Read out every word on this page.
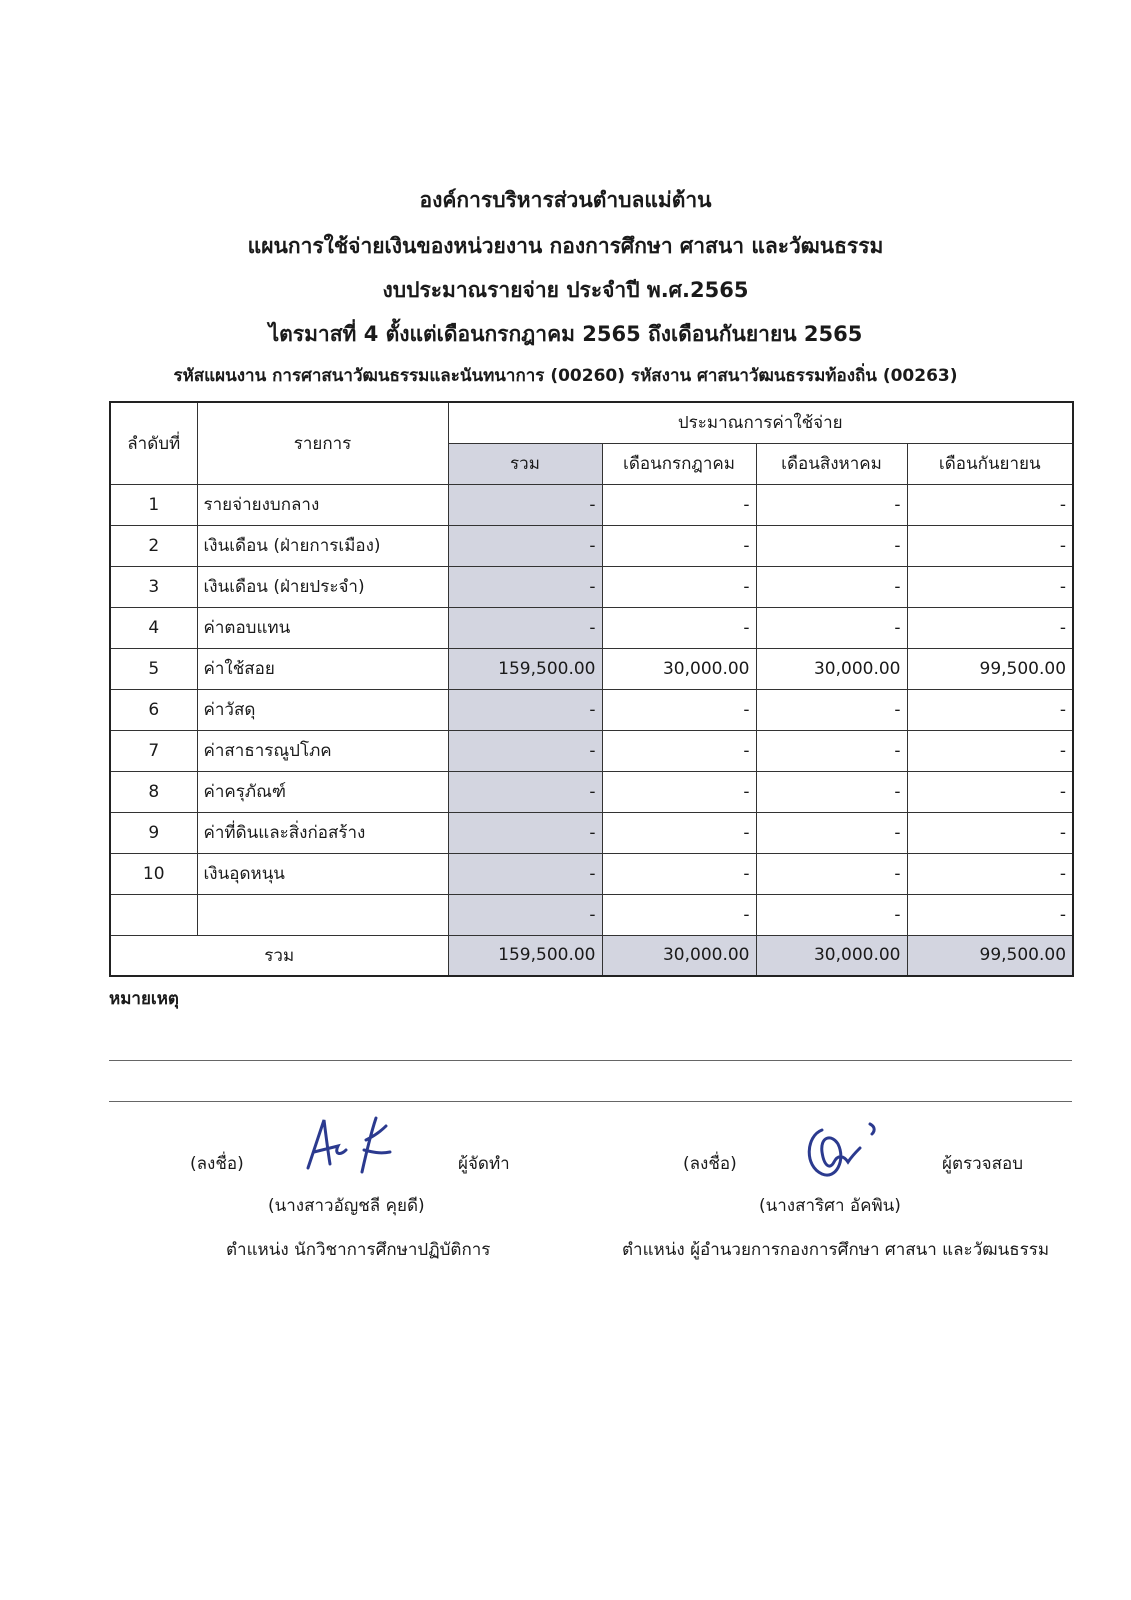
องค์การบริหารส่วนตำบลแม่ต้าน
แผนการใช้จ่ายเงินของหน่วยงาน กองการศึกษา ศาสนา และวัฒนธรรม
งบประมาณรายจ่าย ประจำปี พ.ศ.2565
ไตรมาสที่ 4 ตั้งแต่เดือนกรกฎาคม 2565 ถึงเดือนกันยายน 2565
รหัสแผนงาน การศาสนาวัฒนธรรมและนันทนาการ (00260) รหัสงาน ศาสนาวัฒนธรรมท้องถิ่น (00263)
ลำดับที่	รายการ	ประมาณการค่าใช้จ่าย			
		รวม	เดือนกรกฎาคม	เดือนสิงหาคม	เดือนกันยายน
1	รายจ่ายงบกลาง	-	-	-	-
2	เงินเดือน (ฝ่ายการเมือง)	-	-	-	-
3	เงินเดือน (ฝ่ายประจำ)	-	-	-	-
4	ค่าตอบแทน	-	-	-	-
5	ค่าใช้สอย	159,500.00	30,000.00	30,000.00	99,500.00
6	ค่าวัสดุ	-	-	-	-
7	ค่าสาธารณูปโภค	-	-	-	-
8	ค่าครุภัณฑ์	-	-	-	-
9	ค่าที่ดินและสิ่งก่อสร้าง	-	-	-	-
10	เงินอุดหนุน	-	-	-	-
		-	-	-	-
รวม		159,500.00	30,000.00	30,000.00	99,500.00
หมายเหตุ
(ลงชื่อ)	ผู้จัดทำ
(นางสาวอัญชลี คุยดี)
ตำแหน่ง นักวิชาการศึกษาปฏิบัติการ
(ลงชื่อ)	ผู้ตรวจสอบ
(นางสาริศา อัคพิน)
ตำแหน่ง ผู้อำนวยการกองการศึกษา ศาสนา และวัฒนธรรม
